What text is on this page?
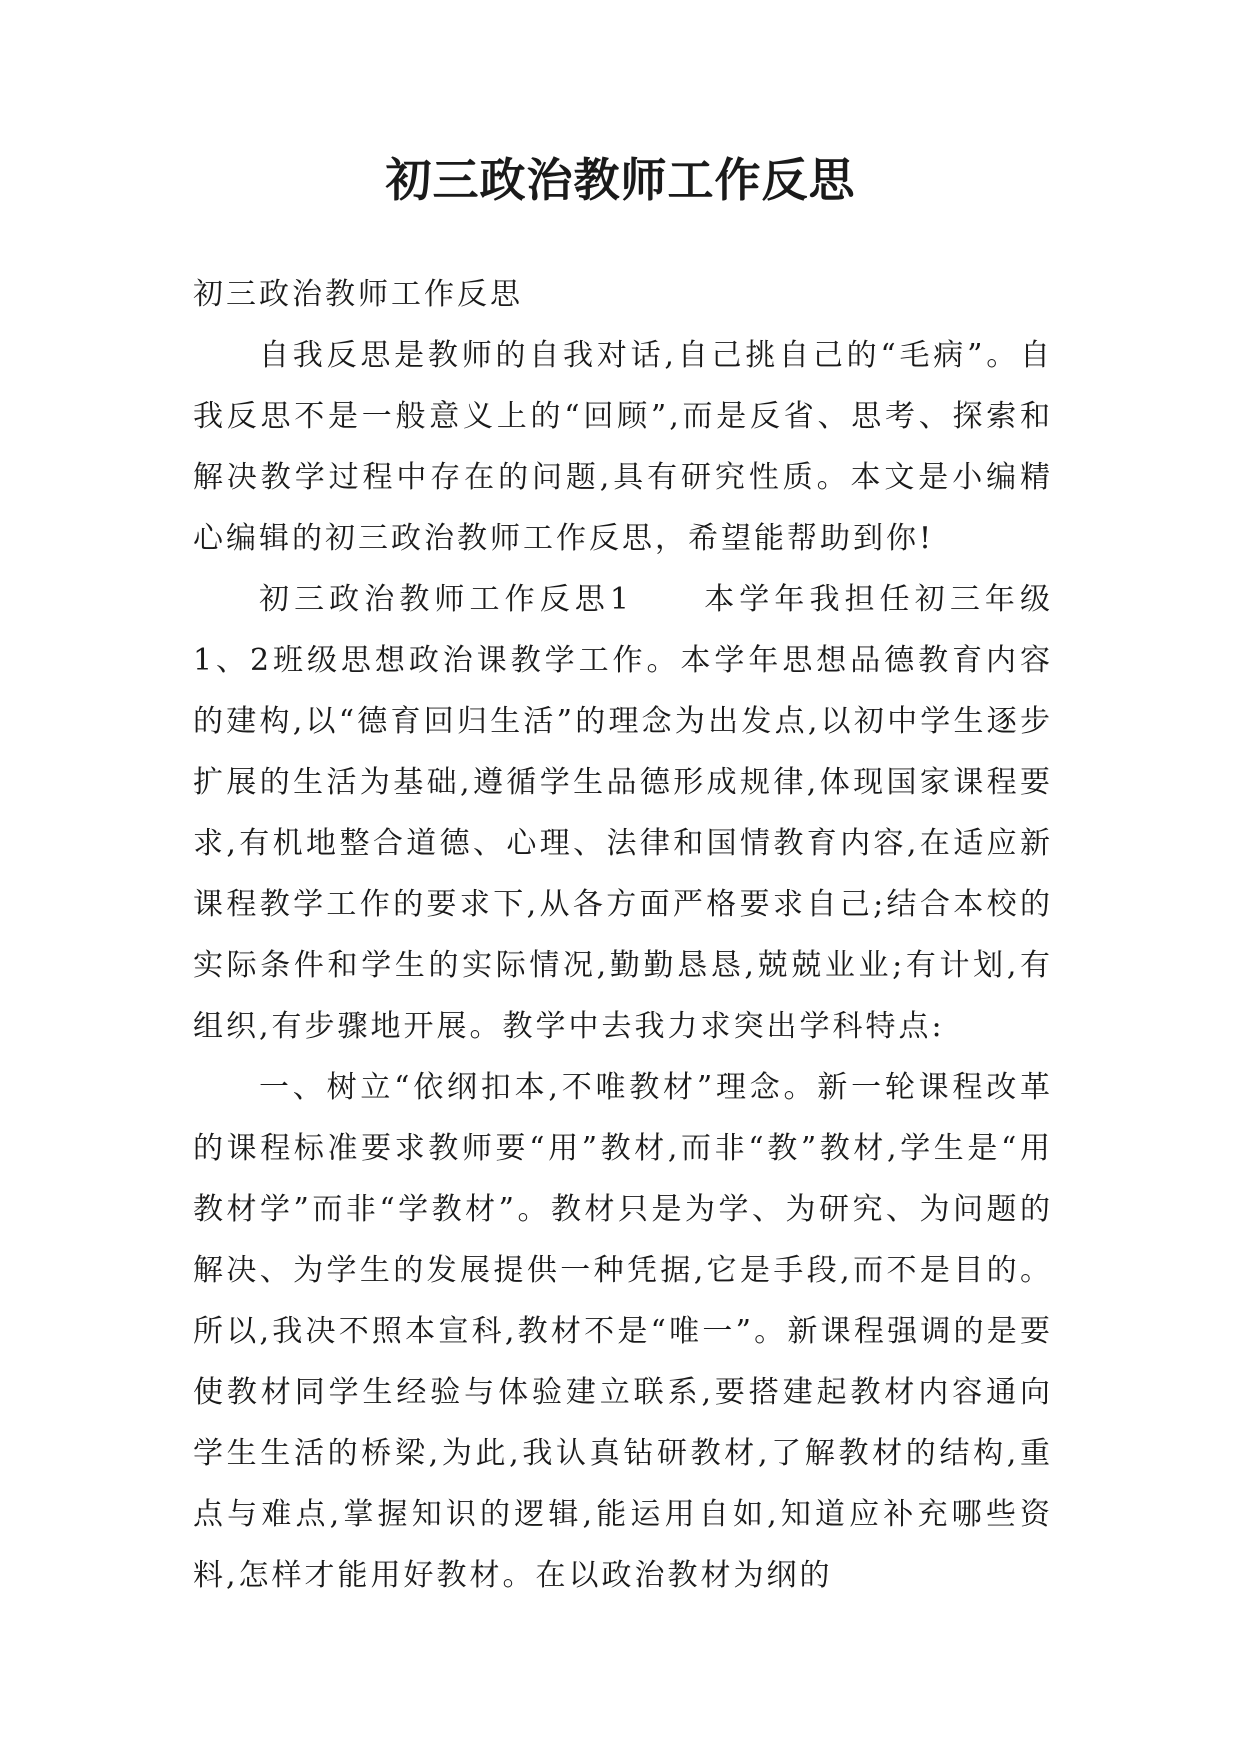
初三政治教师工作反思

初三政治教师工作反思

自我反思是教师的自我对话,自己挑自己的“毛病”。自我反思不是一般意义上的“回顾”,而是反省、思考、探索和解决教学过程中存在的问题,具有研究性质。本文是小编精心编辑的初三政治教师工作反思，希望能帮助到你!

初三政治教师工作反思1　　本学年我担任初三年级1、2班级思想政治课教学工作。本学年思想品德教育内容的建构,以“德育回归生活”的理念为出发点,以初中学生逐步扩展的生活为基础,遵循学生品德形成规律,体现国家课程要求,有机地整合道德、心理、法律和国情教育内容,在适应新课程教学工作的要求下,从各方面严格要求自己;结合本校的实际条件和学生的实际情况,勤勤恳恳,兢兢业业;有计划,有组织,有步骤地开展。教学中去我力求突出学科特点:

一、树立“依纲扣本,不唯教材”理念。新一轮课程改革的课程标准要求教师要“用”教材,而非“教”教材,学生是“用教材学”而非“学教材”。教材只是为学、为研究、为问题的解决、为学生的发展提供一种凭据,它是手段,而不是目的。所以,我决不照本宣科,教材不是“唯一”。新课程强调的是要使教材同学生经验与体验建立联系,要搭建起教材内容通向学生生活的桥梁,为此,我认真钻研教材,了解教材的结构,重点与难点,掌握知识的逻辑,能运用自如,知道应补充哪些资料,怎样才能用好教材。在以政治教材为纲的
